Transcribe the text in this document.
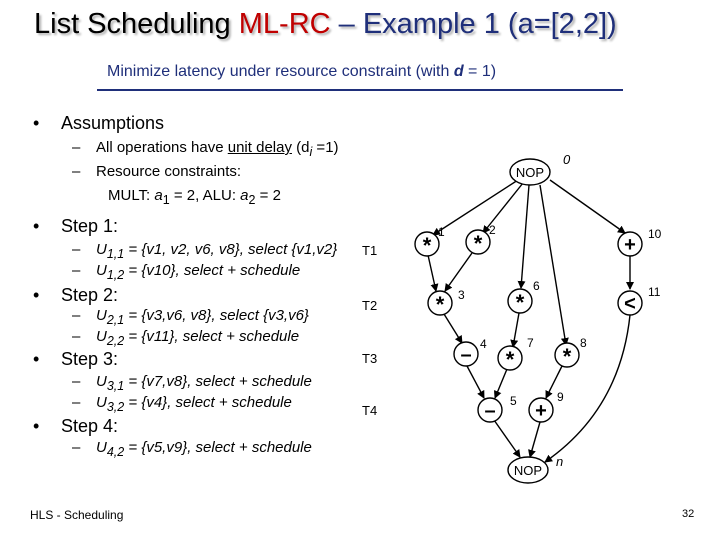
List Scheduling ML-RC – Example 1 (a=[2,2])
Minimize latency under resource constraint (with d = 1)
• Assumptions
– All operations have unit delay $(d_i =1)$
– Resource constraints:
MULT: $a_1 = 2$, ALU: $a_2 = 2$
• Step 1:
– $U_{1,1} = \{v1$, v2, v6, v8}, select {v1,v2}
– $U_{1,2} = \{v10\}$, select + schedule
• Step 2:
– $U_{2,1} = \{v3,v6$, v8}, select {v3,v6}
– $U_{2,2} = \{v11\}$, select + schedule
• Step 3:
– $U_{3,1} = \{v7,v8\}$, select + schedule
– $U_{3,2} = \{v4\}$, select + schedule
• Step 4:
– $U_{4,2} = \{v5,v9\}$, select + schedule
T1
T2
T3
T4
NOP
0
NOP
n
*
1 *
2
* 3
– 4
– 5
*
6
*
7
*
8
+
9
+ 10
<
11
HLS - Scheduling	32
